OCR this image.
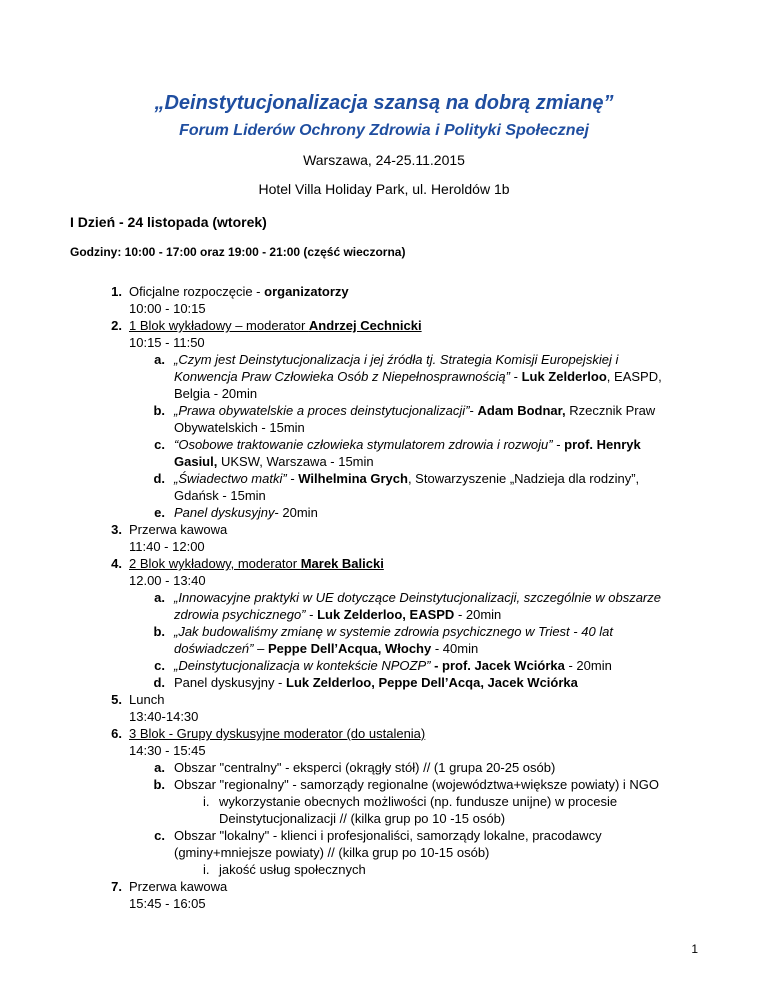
„Deinstytucjonalizacja szansą na dobrą zmianę”
Forum Liderów Ochrony Zdrowia i Polityki Społecznej
Warszawa, 24-25.11.2015
Hotel Villa Holiday Park, ul. Heroldów 1b
I Dzień - 24 listopada (wtorek)
Godziny: 10:00 - 17:00 oraz 19:00 - 21:00 (część wieczorna)
1. Oficjalne rozpoczęcie - organizatorzy
10:00 - 10:15
2. 1 Blok wykładowy – moderator Andrzej Cechnicki
10:15 - 11:50
a. „Czym jest Deinstytucjonalizacja i jej źródła tj. Strategia Komisji Europejskiej i
Konwencja Praw Człowieka Osób z Niepełnosprawnością” - Luk Zelderloo, EASPD,
Belgia - 20min
b. „Prawa obywatelskie a proces deinstytucjonalizacji”- Adam Bodnar, Rzecznik Praw
Obywatelskich - 15min
c. “Osobowe traktowanie człowieka stymulatorem zdrowia i rozwoju” - prof. Henryk
Gasiul, UKSW, Warszawa - 15min
d. „Świadectwo matki” - Wilhelmina Grych, Stowarzyszenie „Nadzieja dla rodziny”,
Gdańsk - 15min
e. Panel dyskusyjny- 20min
3. Przerwa kawowa
11:40 - 12:00
4. 2 Blok wykładowy, moderator Marek Balicki
12.00 - 13:40
a. „Innowacyjne praktyki w UE dotyczące Deinstytucjonalizacji, szczególnie w obszarze
zdrowia psychicznego” - Luk Zelderloo, EASPD - 20min
b. „Jak budowaliśmy zmianę w systemie zdrowia psychicznego w Triest - 40 lat
doświadczeń” – Peppe Dell’Acqua, Włochy - 40min
c. „Deinstytucjonalizacja w kontekście NPOZP” - prof. Jacek Wciórka - 20min
d. Panel dyskusyjny - Luk Zelderloo, Peppe Dell’Acqa, Jacek Wciórka
5. Lunch
13:40-14:30
6. 3 Blok - Grupy dyskusyjne moderator (do ustalenia)
14:30 - 15:45
a. Obszar "centralny" - eksperci (okrągły stół) // (1 grupa 20-25 osób)
b. Obszar "regionalny" - samorządy regionalne (województwa+większe powiaty) i NGO
i. wykorzystanie obecnych możliwości (np. fundusze unijne) w procesie
Deinstytucjonalizacji // (kilka grup po 10 -15 osób)
c. Obszar "lokalny" - klienci i profesjonaliści, samorządy lokalne, pracodawcy
(gminy+mniejsze powiaty) // (kilka grup po 10-15 osób)
i. jakość usług społecznych
7. Przerwa kawowa
15:45 - 16:05
1
